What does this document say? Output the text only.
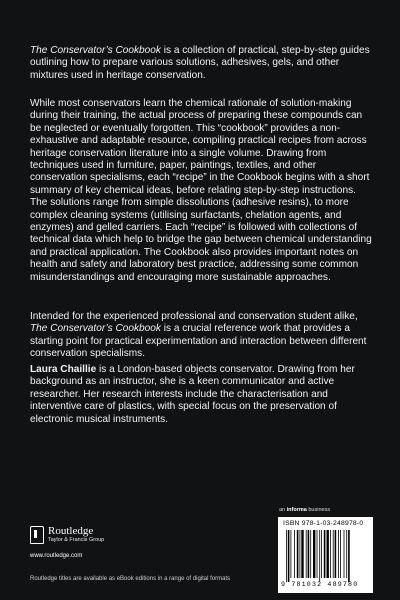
The Conservator’s Cookbook is a collection of practical, step-by-step guides outlining how to prepare various solutions, adhesives, gels, and other mixtures used in heritage conservation.

While most conservators learn the chemical rationale of solution-making during their training, the actual process of preparing these compounds can be neglected or eventually forgotten. This “cookbook” provides a non-exhaustive and adaptable resource, compiling practical recipes from across heritage conservation literature into a single volume. Drawing from techniques used in furniture, paper, paintings, textiles, and other conservation specialisms, each “recipe” in the Cookbook begins with a short summary of key chemical ideas, before relating step-by-step instructions. The solutions range from simple dissolutions (adhesive resins), to more complex cleaning systems (utilising surfactants, chelation agents, and enzymes) and gelled carriers. Each “recipe” is followed with collections of technical data which help to bridge the gap between chemical understanding and practical application. The Cookbook also provides important notes on health and safety and laboratory best practice, addressing some common misunderstandings and encouraging more sustainable approaches.

Intended for the experienced professional and conservation student alike, The Conservator’s Cookbook is a crucial reference work that provides a starting point for practical experimentation and interaction between different conservation specialisms.

Laura Chaillie is a London-based objects conservator. Drawing from her background as an instructor, she is a keen communicator and active researcher. Her research interests include the characterisation and interventive care of plastics, with special focus on the preservation of electronic musical instruments.

an informa business
Routledge
Taylor & Francis Group
www.routledge.com
Routledge titles are available as eBook editions in a range of digital formats
ISBN 978-1-03-248978-0
9 781032 489780
